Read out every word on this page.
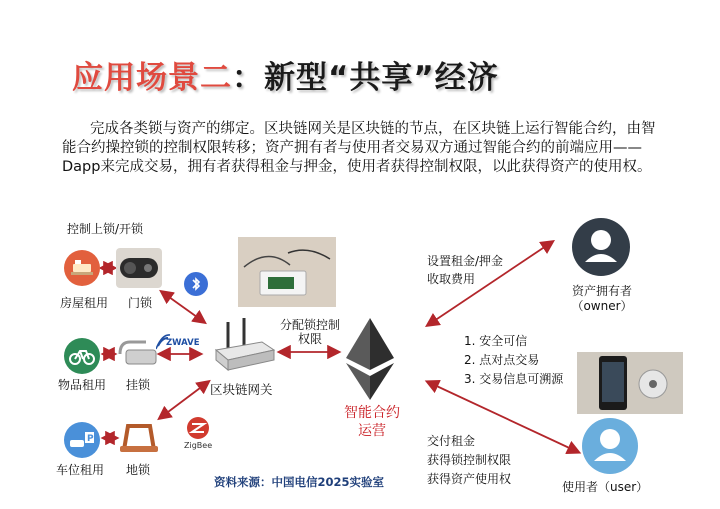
应用场景二：新型“共享”经济
完成各类锁与资产的绑定。区块链网关是区块链的节点，在区块链上运行智能合约，由智能合约操控锁的控制权限转移；资产拥有者与使用者交易双方通过智能合约的前端应用——Dapp来完成交易，拥有者获得租金与押金，使用者获得控制权限，以此获得资产的使用权。
控制上锁/开锁
房屋租用 门锁
物品租用 挂锁
ZWAVE
P
车位租用 地锁
ZigBee
区块链网关
分配锁控制
权限
智能合约
运营
设置租金/押金
收取费用
资产拥有者
（owner）
1. 安全可信
2. 点对点交易
3. 交易信息可溯源
交付租金
获得锁控制权限
获得资产使用权
使用者（user）
资料来源：中国电信2025实验室
